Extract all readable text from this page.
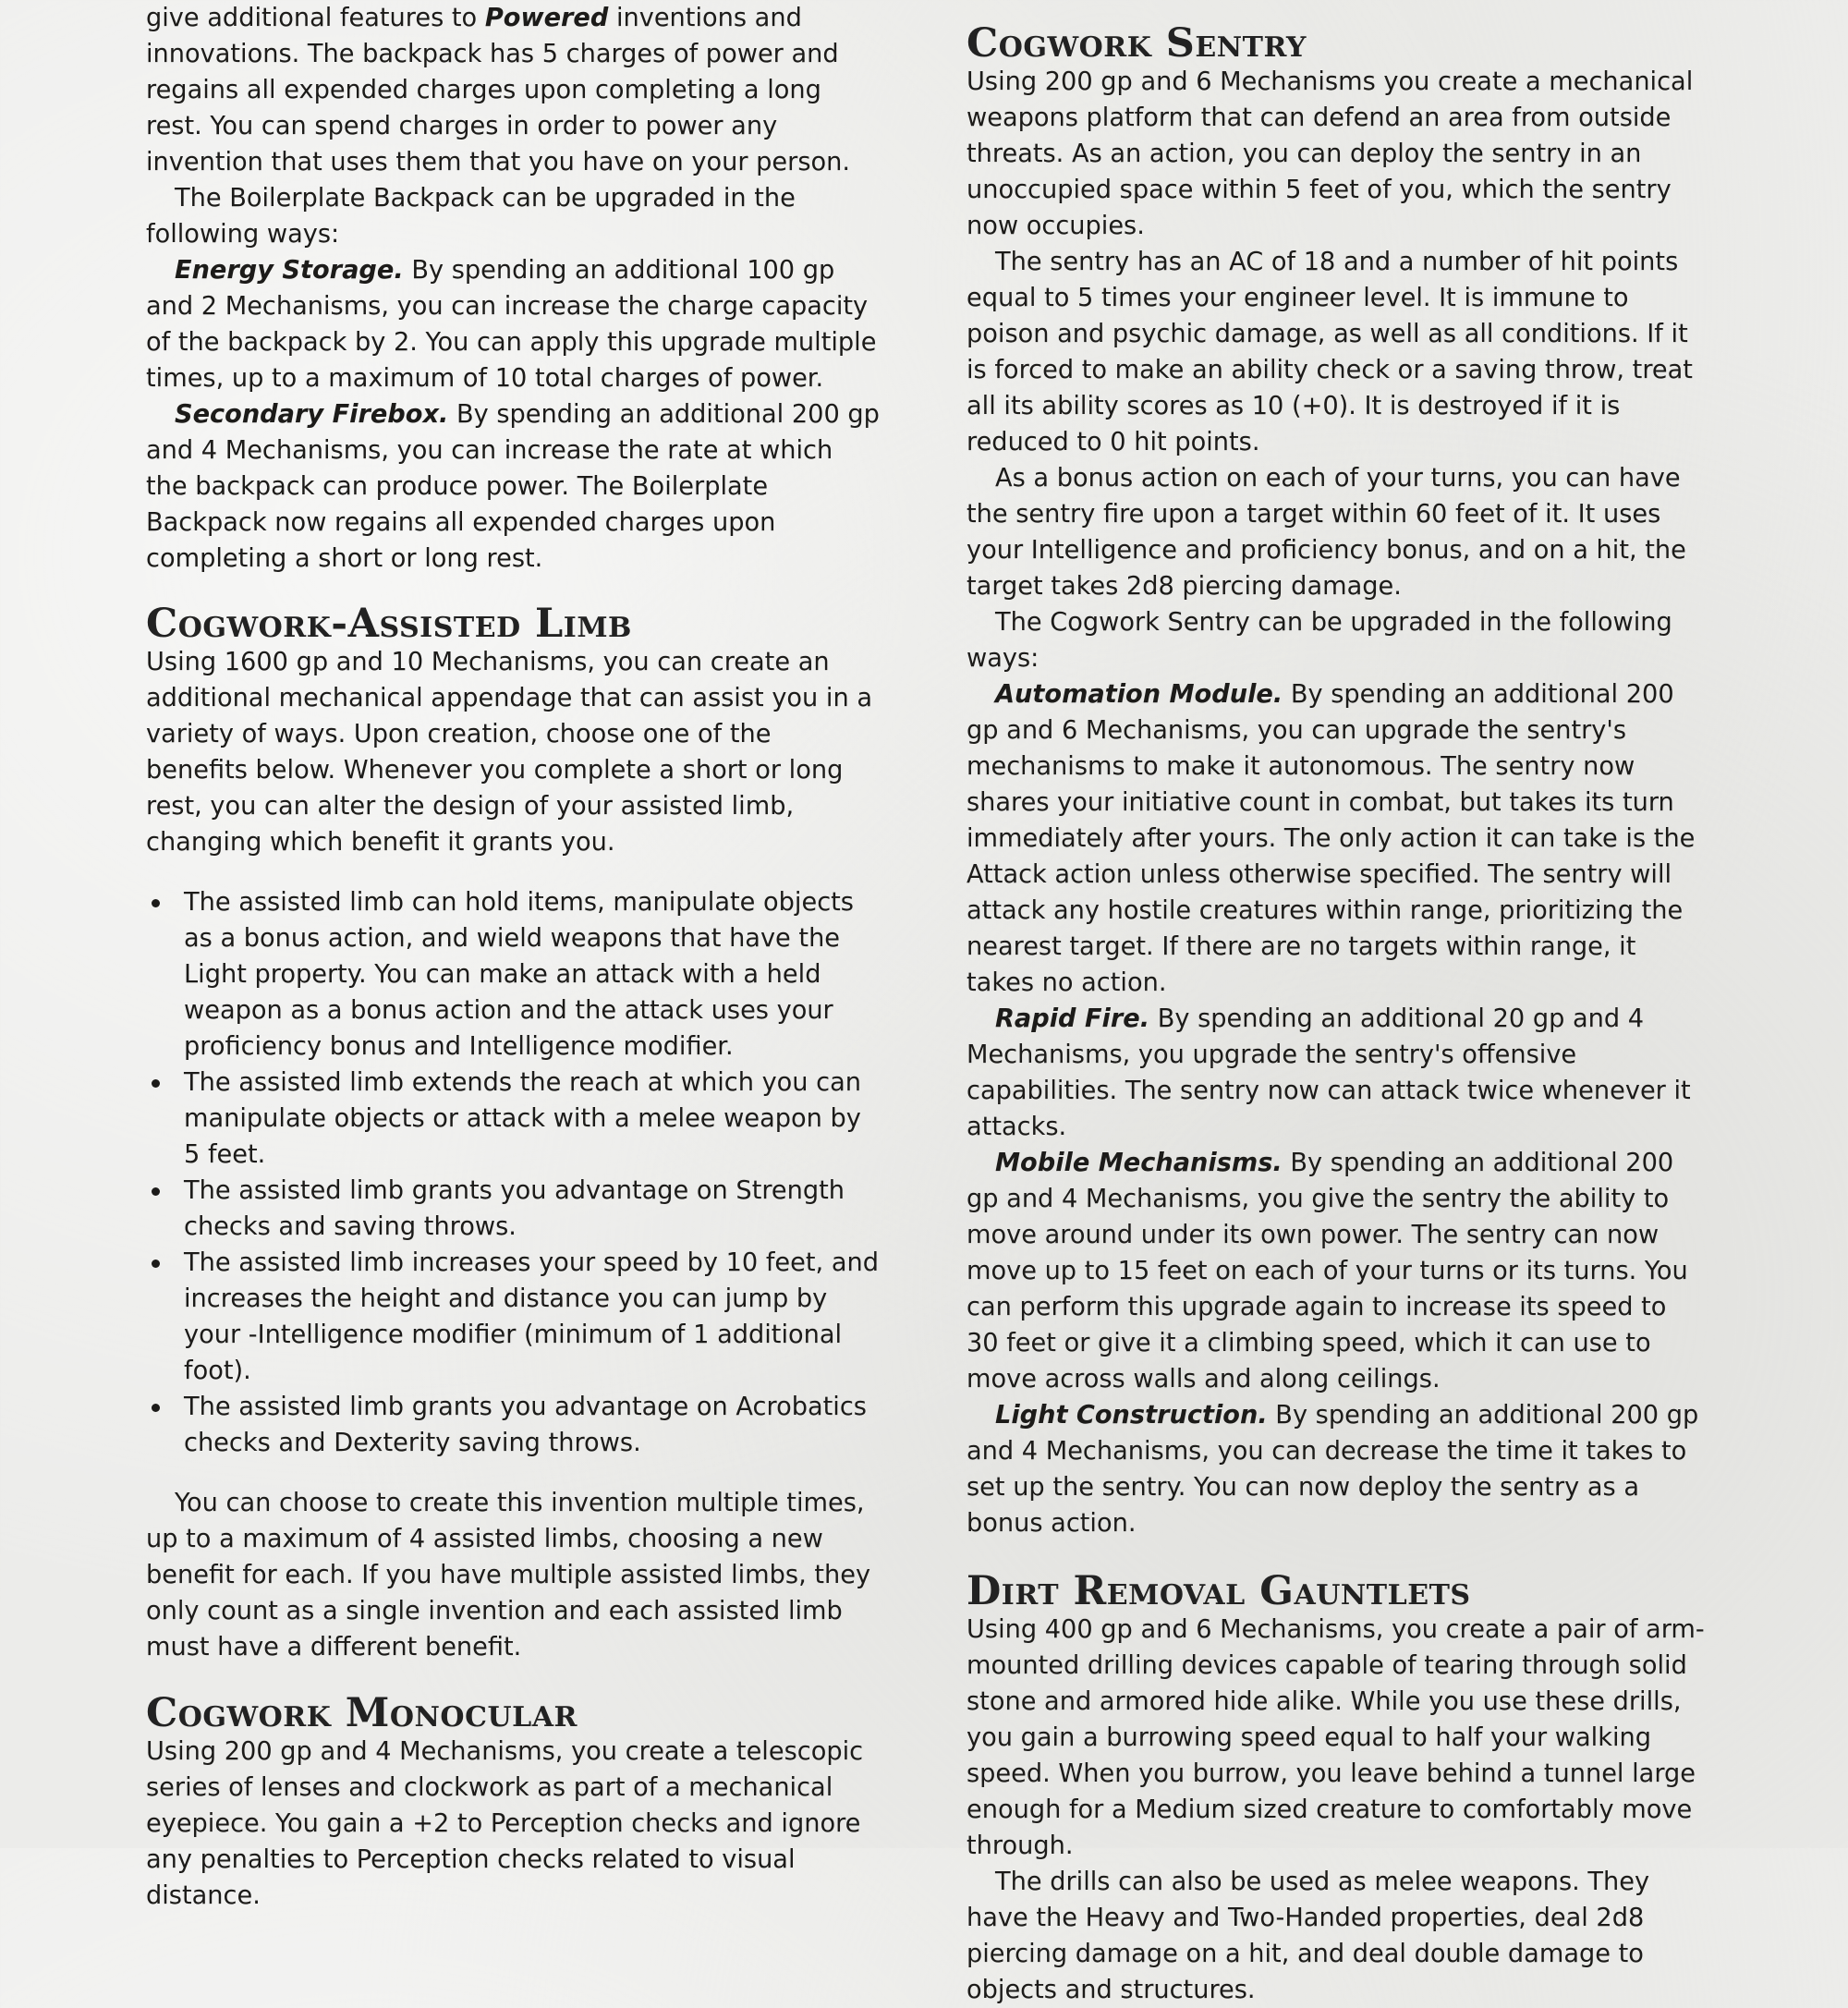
give additional features to Powered inventions and innovations. The backpack has 5 charges of power and regains all expended charges upon completing a long rest. You can spend charges in order to power any invention that uses them that you have on your person.

The Boilerplate Backpack can be upgraded in the following ways:

Energy Storage. By spending an additional 100 gp and 2 Mechanisms, you can increase the charge capacity of the backpack by 2. You can apply this upgrade multiple times, up to a maximum of 10 total charges of power.

Secondary Firebox. By spending an additional 200 gp and 4 Mechanisms, you can increase the rate at which the backpack can produce power. The Boilerplate Backpack now regains all expended charges upon completing a short or long rest.

Cogwork-Assisted Limb

Using 1600 gp and 10 Mechanisms, you can create an additional mechanical appendage that can assist you in a variety of ways. Upon creation, choose one of the benefits below. Whenever you complete a short or long rest, you can alter the design of your assisted limb, changing which benefit it grants you.

The assisted limb can hold items, manipulate objects as a bonus action, and wield weapons that have the Light property. You can make an attack with a held weapon as a bonus action and the attack uses your proficiency bonus and Intelligence modifier.
The assisted limb extends the reach at which you can manipulate objects or attack with a melee weapon by 5 feet.
The assisted limb grants you advantage on Strength checks and saving throws.
The assisted limb increases your speed by 10 feet, and increases the height and distance you can jump by your -Intelligence modifier (minimum of 1 additional foot).
The assisted limb grants you advantage on Acrobatics checks and Dexterity saving throws.

You can choose to create this invention multiple times, up to a maximum of 4 assisted limbs, choosing a new benefit for each. If you have multiple assisted limbs, they only count as a single invention and each assisted limb must have a different benefit.

Cogwork Monocular

Using 200 gp and 4 Mechanisms, you create a telescopic series of lenses and clockwork as part of a mechanical eyepiece. You gain a +2 to Perception checks and ignore any penalties to Perception checks related to visual distance.

Cogwork Sentry

Using 200 gp and 6 Mechanisms you create a mechanical weapons platform that can defend an area from outside threats. As an action, you can deploy the sentry in an unoccupied space within 5 feet of you, which the sentry now occupies.

The sentry has an AC of 18 and a number of hit points equal to 5 times your engineer level. It is immune to poison and psychic damage, as well as all conditions. If it is forced to make an ability check or a saving throw, treat all its ability scores as 10 (+0). It is destroyed if it is reduced to 0 hit points.

As a bonus action on each of your turns, you can have the sentry fire upon a target within 60 feet of it. It uses your Intelligence and proficiency bonus, and on a hit, the target takes 2d8 piercing damage.

The Cogwork Sentry can be upgraded in the following ways:

Automation Module. By spending an additional 200 gp and 6 Mechanisms, you can upgrade the sentry's mechanisms to make it autonomous. The sentry now shares your initiative count in combat, but takes its turn immediately after yours. The only action it can take is the Attack action unless otherwise specified. The sentry will attack any hostile creatures within range, prioritizing the nearest target. If there are no targets within range, it takes no action.

Rapid Fire. By spending an additional 20 gp and 4 Mechanisms, you upgrade the sentry's offensive capabilities. The sentry now can attack twice whenever it attacks.

Mobile Mechanisms. By spending an additional 200 gp and 4 Mechanisms, you give the sentry the ability to move around under its own power. The sentry can now move up to 15 feet on each of your turns or its turns. You can perform this upgrade again to increase its speed to 30 feet or give it a climbing speed, which it can use to move across walls and along ceilings.

Light Construction. By spending an additional 200 gp and 4 Mechanisms, you can decrease the time it takes to set up the sentry. You can now deploy the sentry as a bonus action.

Dirt Removal Gauntlets

Using 400 gp and 6 Mechanisms, you create a pair of arm-mounted drilling devices capable of tearing through solid stone and armored hide alike. While you use these drills, you gain a burrowing speed equal to half your walking speed. When you burrow, you leave behind a tunnel large enough for a Medium sized creature to comfortably move through.

The drills can also be used as melee weapons. They have the Heavy and Two-Handed properties, deal 2d8 piercing damage on a hit, and deal double damage to objects and structures.
